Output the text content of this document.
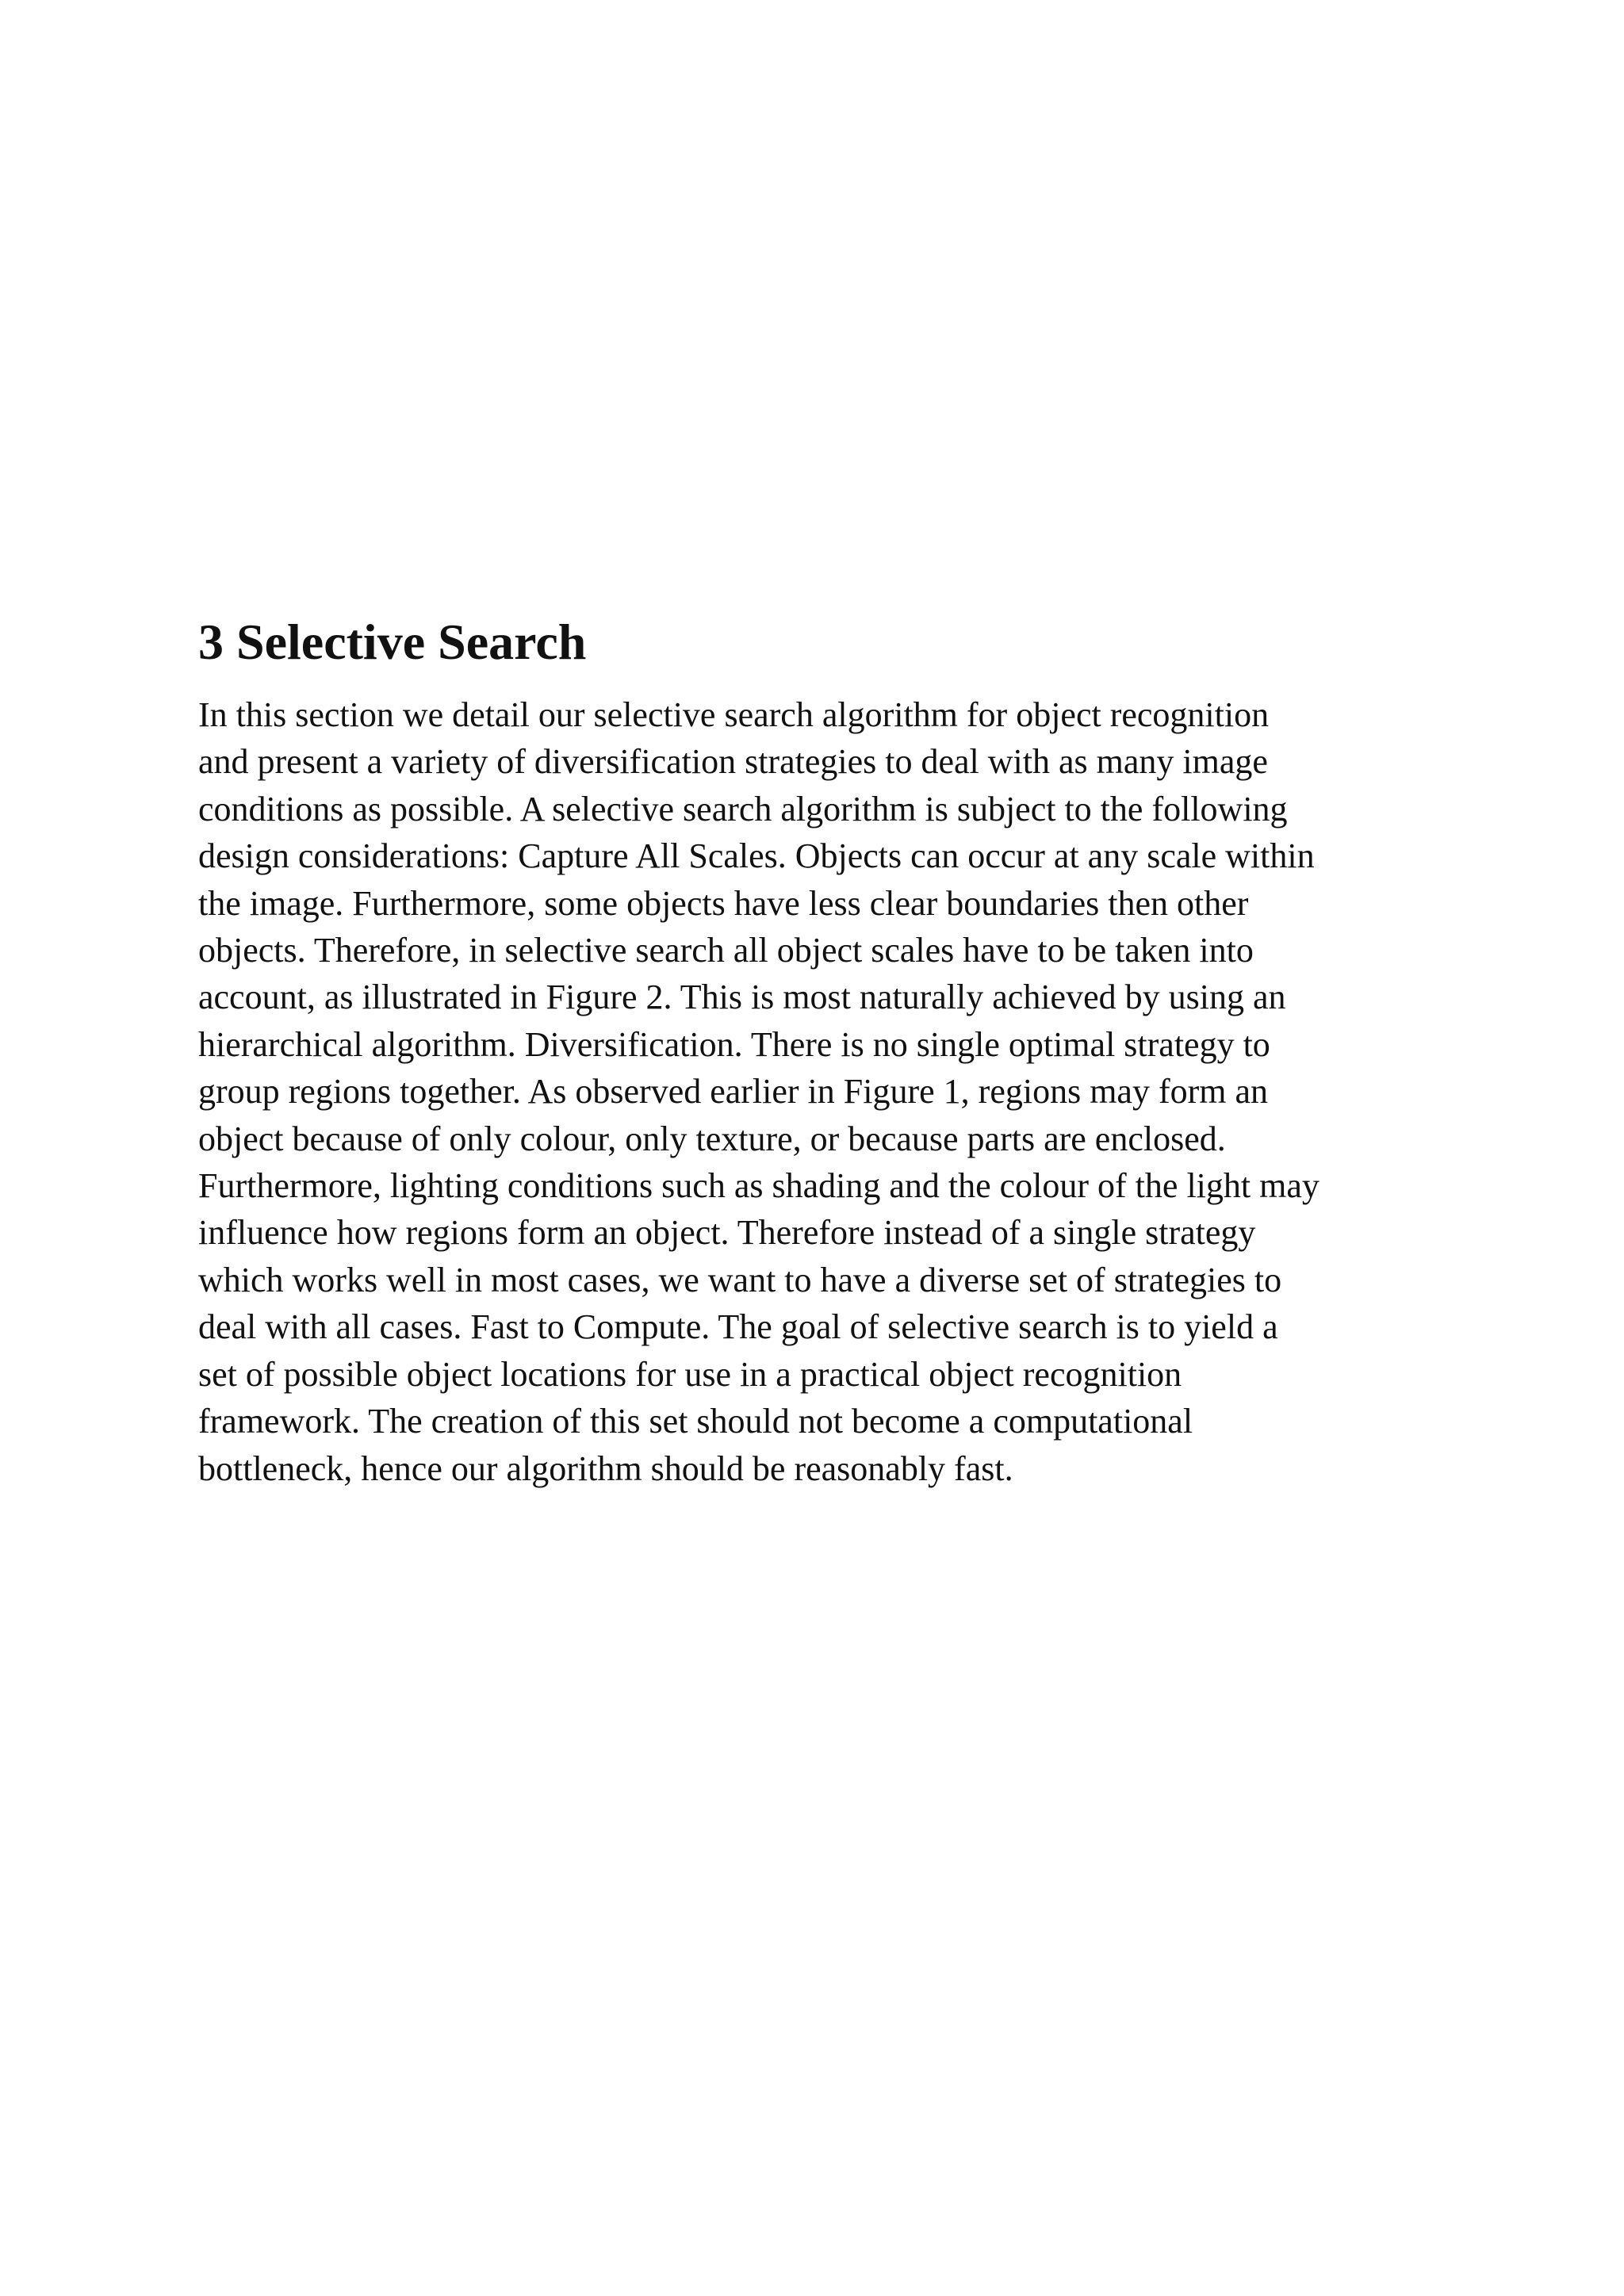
3 Selective Search
In this section we detail our selective search algorithm for object recognition
and present a variety of diversification strategies to deal with as many image
conditions as possible. A selective search algorithm is subject to the following
design considerations: Capture All Scales. Objects can occur at any scale within
the image. Furthermore, some objects have less clear boundaries then other
objects. Therefore, in selective search all object scales have to be taken into
account, as illustrated in Figure 2. This is most naturally achieved by using an
hierarchical algorithm. Diversification. There is no single optimal strategy to
group regions together. As observed earlier in Figure 1, regions may form an
object because of only colour, only texture, or because parts are enclosed.
Furthermore, lighting conditions such as shading and the colour of the light may
influence how regions form an object. Therefore instead of a single strategy
which works well in most cases, we want to have a diverse set of strategies to
deal with all cases. Fast to Compute. The goal of selective search is to yield a
set of possible object locations for use in a practical object recognition
framework. The creation of this set should not become a computational
bottleneck, hence our algorithm should be reasonably fast.
